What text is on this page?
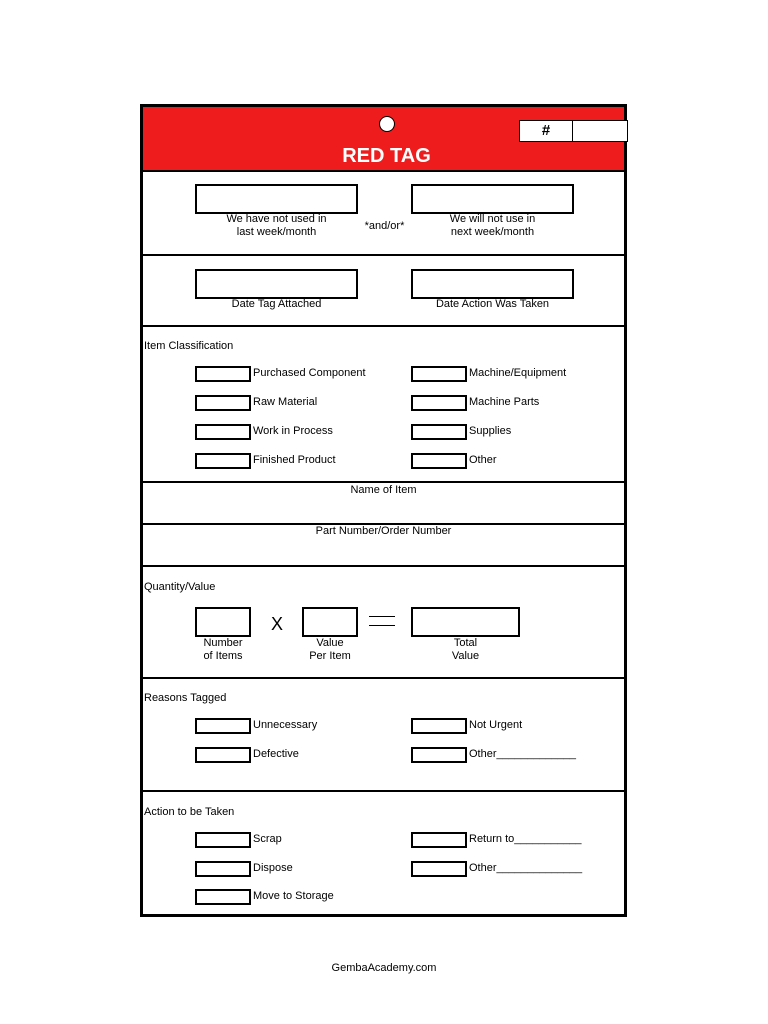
#
RED TAG
We have not used in
last week/month	*and/or*
We will not use in
next week/month
Date Tag Attached	Date Action Was Taken
Item Classification
Purchased Component
Raw Material
Work in Process
Finished Product
Machine/Equipment
Machine Parts
Supplies
Other
Name of Item
Part Number/Order Number
Quantity/Value
X
Number
of Items
Value
Per Item
Total
Value
Reasons Tagged
Unnecessary
Defective
Not Urgent
Other_____________
Action to be Taken
Scrap
Dispose
Move to Storage
Return to___________
Other______________
GembaAcademy.com
